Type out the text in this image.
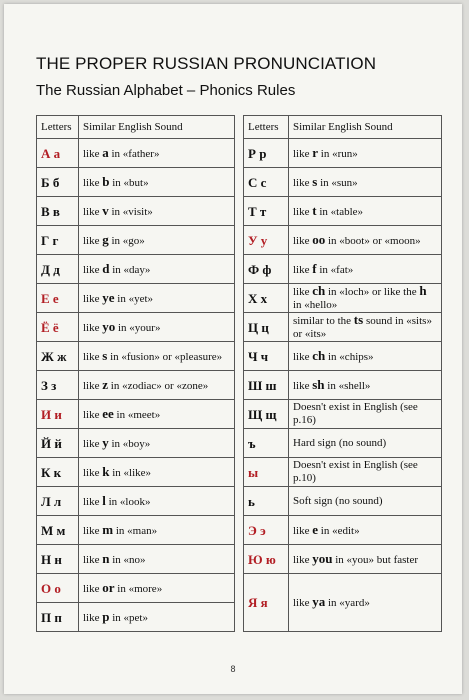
THE PROPER RUSSIAN PRONUNCIATION
The Russian Alphabet – Phonics Rules
Letters	Similar English Sound		Letters	Similar English Sound
А а	like a in «father»		Р р	like r in «run»
Б б	like b in «but»		С с	like s in «sun»
В в	like v in «visit»		Т т	like t in «table»
Г г	like g in «go»		У у	like oo in «boot» or «moon»
Д д	like d in «day»		Ф ф	like f in «fat»
Е е	like ye in «yet»		Х х	like ch in «loch» or like the h in «hello»
Ё ё	like yo in «your»		Ц ц	similar to the ts sound in «sits» or «its»
Ж ж	like s in «fusion» or «pleasure»		Ч ч	like ch in «chips»
З з	like z in «zodiac» or «zone»		Ш ш	like sh in «shell»
И и	like ee in «meet»		Щ щ	Doesn't exist in English (see p.16)
Й й	like y in «boy»		ъ	Hard sign (no sound)
К к	like k in «like»		ы	Doesn't exist in English (see p.10)
Л л	like l in «look»		ь	Soft sign (no sound)
М м	like m in «man»		Э э	like e in «edit»
Н н	like n in «no»		Ю ю	like you in «you» but faster
О о	like or in «more»		Я я	like ya in «yard»
П п	like p in «pet»			
8
